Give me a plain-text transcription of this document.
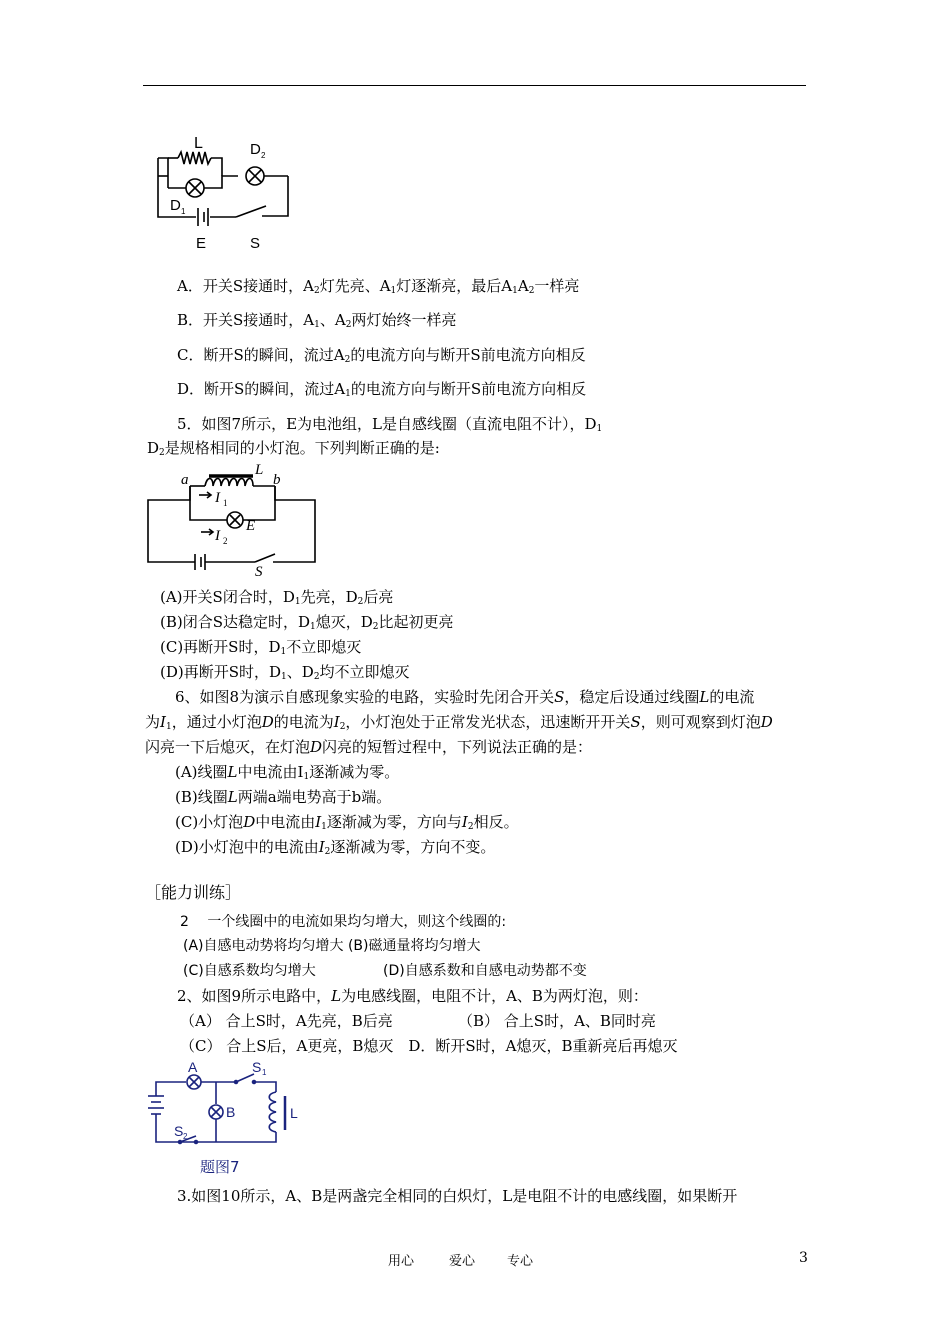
L	D 2
D 1
E	S
A．开关S接通时，$A_2$灯先亮、$A_1$灯逐渐亮，最后$A_1A_2$一样亮
B．开关S接通时，$A_1$、$A_2$两灯始终一样亮
C．断开S的瞬间，流过$A_2$的电流方向与断开S前电流方向相反
D．断开S的瞬间，流过$A_1$的电流方向与断开S前电流方向相反
5．如图7所示，E为电池组，L是自感线圈（直流电阻不计），$D_1$
$D_2$是规格相同的小灯泡。下列判断正确的是:
a
L
b
I 1
E
I 2
S
(A)开关S闭合时，$D_1$先亮，$D_2$后亮
(B)闭合S达稳定时，$D_1$熄灭，$D_2$比起初更亮
(C)再断开S时，$D_1$不立即熄灭
(D)再断开S时，$D_1$、$D_2$均不立即熄灭
6、如图8为演示自感现象实验的电路，实验时先闭合开关S，稳定后设通过线圈L的电流
为$I_1$，通过小灯泡D的电流为$I_2$，小灯泡处于正常发光状态，迅速断开开关S，则可观察到灯泡D
闪亮一下后熄灭，在灯泡D闪亮的短暂过程中，下列说法正确的是：
(A)线圈L中电流由$I_1$逐渐减为零。
(B)线圈L两端a端电势高于b端。
(C)小灯泡D中电流由$I_1$逐渐减为零，方向与$I_2$相反。
(D)小灯泡中的电流由$I_2$逐渐减为零，方向不变。
［能力训练］
2　 一个线圈中的电流如果均匀增大，则这个线圈的:
(A)自感电动势将均匀增大 (B)磁通量将均匀增大
(C)自感系数均匀增大	(D)自感系数和自感电动势都不变
2、如图9所示电路中，L为电感线圈，电阻不计，A、B为两灯泡，则：
（A） 合上S时，A先亮，B后亮	（B） 合上S时，A、B同时亮
（C） 合上S后，A更亮，B熄灭　D．断开S时，A熄灭，B重新亮后再熄灭
A	S 1
B	L
S 2
题图7
3.如图10所示，A、B是两盏完全相同的白炽灯，L是电阻不计的电感线圈，如果断开
用心	爱心 专心	3
